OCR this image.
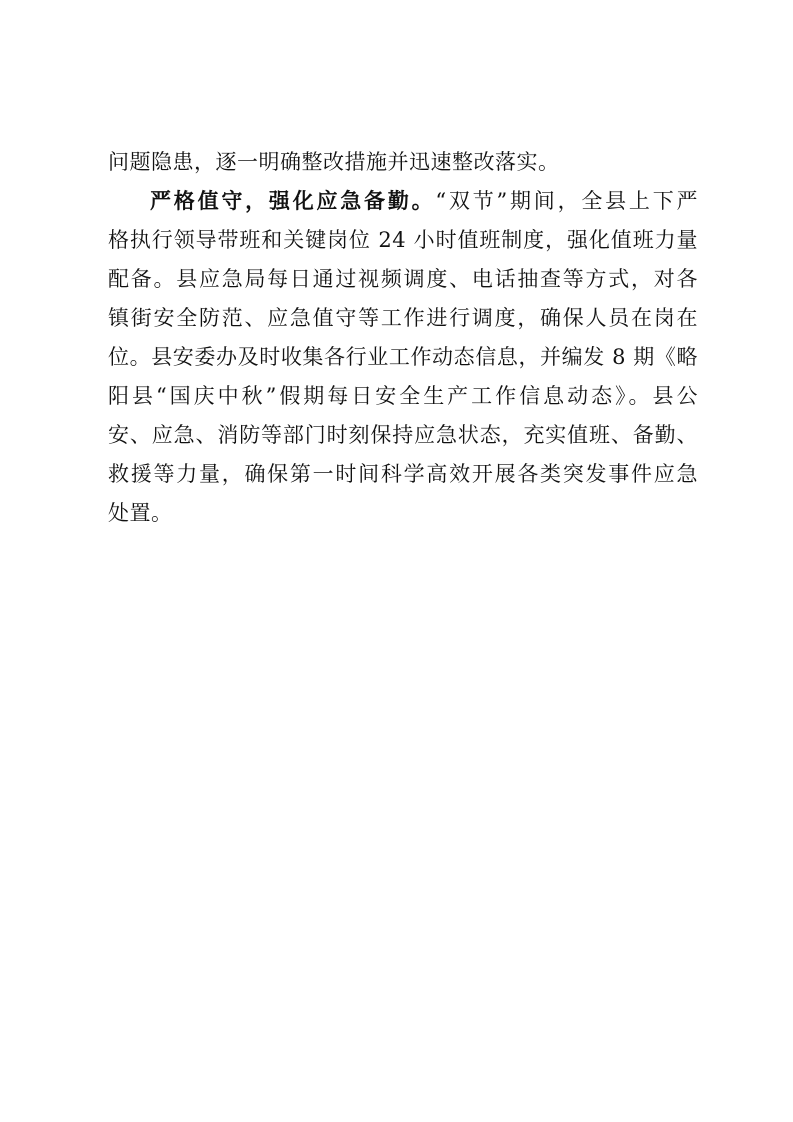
问题隐患，逐一明确整改措施并迅速整改落实。
严格值守，强化应急备勤。“双节”期间，全县上下严
格执行领导带班和关键岗位 24 小时值班制度，强化值班力量
配备。县应急局每日通过视频调度、电话抽查等方式，对各
镇街安全防范、应急值守等工作进行调度，确保人员在岗在
位。县安委办及时收集各行业工作动态信息，并编发 8 期《略
阳县“国庆中秋”假期每日安全生产工作信息动态》。县公
安、应急、消防等部门时刻保持应急状态，充实值班、备勤、
救援等力量，确保第一时间科学高效开展各类突发事件应急
处置。
